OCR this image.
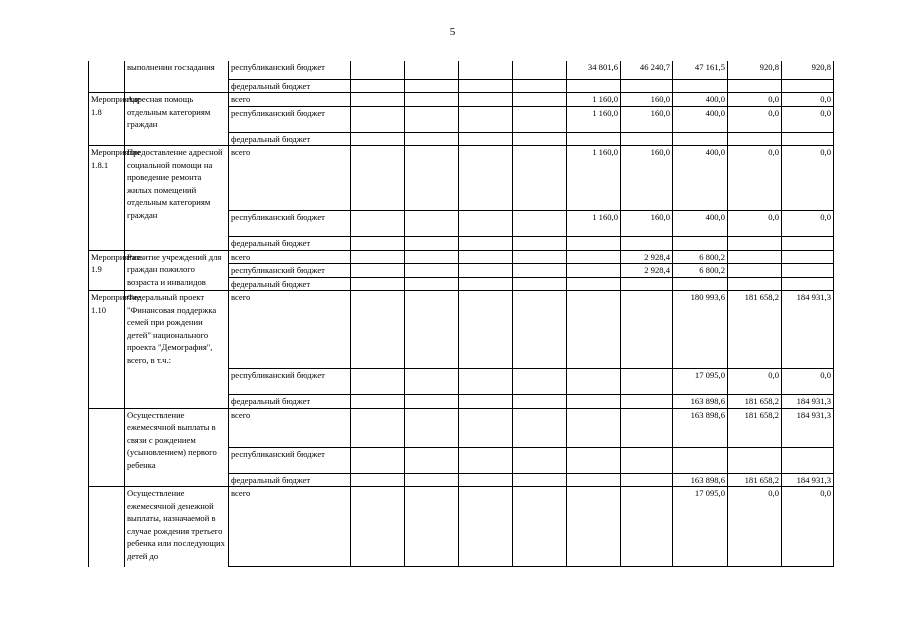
5
	выполнении госзадания	республиканский бюджет					34 801,6	46 240,7	47 161,5	920,8	920,8
		федеральный бюджет									
Мероприятие 1.8	Адресная помощь отдельным категориям граждан	всего					1 160,0	160,0	400,0	0,0	0,0
		республиканский бюджет					1 160,0	160,0	400,0	0,0	0,0
		федеральный бюджет									
Мероприятие 1.8.1	Предоставление адресной социальной помощи на проведение ремонта жилых помещений отдельным категориям граждан	всего					1 160,0	160,0	400,0	0,0	0,0
		республиканский бюджет					1 160,0	160,0	400,0	0,0	0,0
		федеральный бюджет									
Мероприятие 1.9	Развитие учреждений для граждан пожилого возраста и инвалидов	всего						2 928,4	6 800,2		
		республиканский бюджет						2 928,4	6 800,2		
		федеральный бюджет									
Мероприятие 1.10	Федеральный проект "Финансовая поддержка семей при рождении детей" национального проекта "Демография", всего, в т.ч.:	всего							180 993,6	181 658,2	184 931,3
		республиканский бюджет							17 095,0	0,0	0,0
		федеральный бюджет							163 898,6	181 658,2	184 931,3
	Осуществление ежемесячной выплаты в связи с рождением (усыновлением) первого ребенка	всего							163 898,6	181 658,2	184 931,3
		республиканский бюджет									
		федеральный бюджет							163 898,6	181 658,2	184 931,3
	Осуществление ежемесячной денежной выплаты, назначаемой в случае рождения третьего ребенка или последующих детей до	всего							17 095,0	0,0	0,0
